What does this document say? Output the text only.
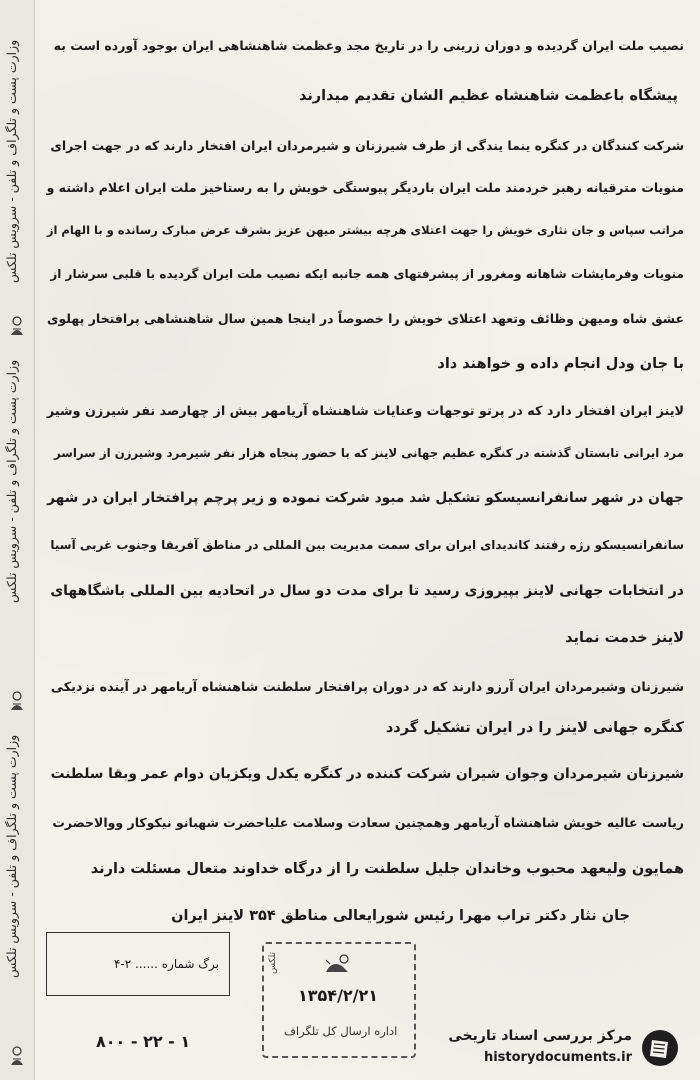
وزارت پست و تلگراف و تلفن - سرویس تلکس
وزارت پست و تلگراف و تلفن - سرویس تلکس
وزارت پست و تلگراف و تلفن - سرویس تلکس
نصیب ملت ایران گردیده و دوران زرینی را در تاریخ مجد وعظمت شاهنشاهی ایران بوجود آورده است به
پیشگاه باعظمت شاهنشاه عظیم الشان تقدیم میدارند
شرکت کنندگان در کنگره ینما یندگی از طرف شیرزنان و شیرمردان ایران افتخار دارند که در جهت اجرای
منویات مترقیانه رهبر خردمند ملت ایران باردیگر پیوستگی خویش را به رستاخیز ملت ایران اعلام داشته و
مراتب سپاس و جان نثاری خویش را جهت اعتلای هرچه بیشتر میهن عزیز بشرف عرض مبارک رسانده و با الهام از
منویات وفرمایشات شاهانه ومغرور از پیشرفتهای همه جانبه ایکه نصیب ملت ایران گردیده با قلبی سرشار از
عشق شاه ومیهن وظائف وتعهد اعتلای خویش را خصوصاً در اینجا همین سال شاهنشاهی پرافتخار پهلوی
با جان ودل انجام داده و خواهند داد
لاینز ایران افتخار دارد که در پرتو توجهات وعنایات شاهنشاه آریامهر بیش از چهارصد نفر شیرزن وشیر
مرد ایرانی تابستان گذشته در کنگره عظیم جهانی لاینز که با حضور پنجاه هزار نفر شیرمرد وشیرزن از سراسر
جهان در شهر سانفرانسیسکو تشکیل شد مبود شرکت نموده و زیر پرچم پرافتخار ایران در شهر
سانفرانسیسکو رژه رفتند کاندیدای ایران برای سمت مدیریت بین المللی در مناطق آفریقا وجنوب غربی آسیا
در انتخابات جهانی لاینز بپیروزی رسید تا برای مدت دو سال در اتحادیه بین المللی باشگاههای
لاینز خدمت نماید
شیرزنان وشیرمردان ایران آرزو دارند که در دوران پرافتخار سلطنت شاهنشاه آریامهر در آینده نزدیکی
کنگره جهانی لاینز را در ایران تشکیل گردد
شیرزنان شیرمردان وجوان شیران شرکت کننده در کنگره یکدل ویکزبان دوام عمر وبقا سلطنت
ریاست عالیه خویش شاهنشاه آریامهر وهمچنین سعادت وسلامت علیاحضرت شهبانو نیکوکار ووالاحضرت
همایون ولیعهد محبوب وخاندان جلیل سلطنت را از درگاه خداوند متعال مسئلت دارند
جان نثار دکتر تراب مهرا رئیس شورایعالی مناطق ۳۵۴ لاینز ایران
برگ شماره ...... ۲-۴	تلکس
۱۳۵۴/۲/۲۱
اداره ارسال کل تلگراف
۸۰۰ - ۲۲ - ۱	مرکز بررسی اسناد تاریخی
historydocuments.ir
